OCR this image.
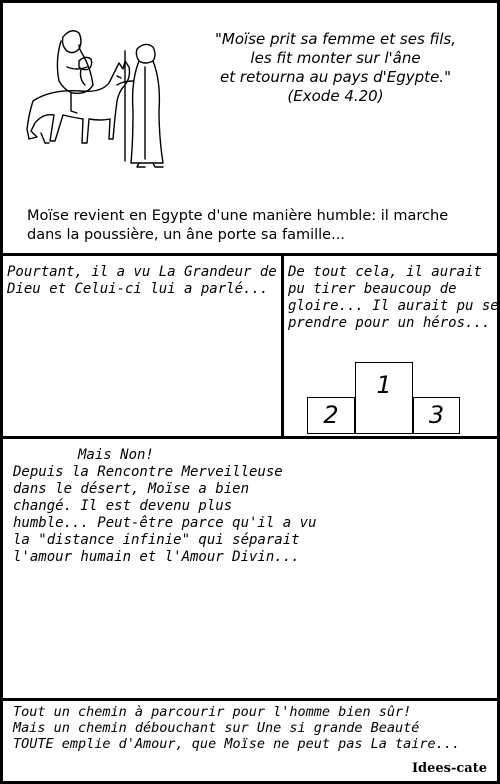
"Moïse prit sa femme et ses fils,
les fit monter sur l'âne
et retourna au pays d'Egypte."
(Exode 4.20)
Moïse revient en Egypte d'une manière humble: il marche dans la poussière, un âne porte sa famille...
Pourtant, il a vu La Grandeur de
Dieu et Celui-ci lui a parlé...
De tout cela, il aurait
pu tirer beaucoup de
gloire... Il aurait pu se
prendre pour un héros...
2
1
3
Mais Non!
Depuis la Rencontre Merveilleuse
dans le désert, Moïse a bien
changé. Il est devenu plus
humble... Peut-être parce qu'il a vu
la "distance infinie" qui séparait
l'amour humain et l'Amour Divin...
Tout un chemin à parcourir pour l'homme bien sûr!
Mais un chemin débouchant sur Une si grande Beauté
TOUTE emplie d'Amour, que Moïse ne peut pas La taire...
Idees-cate
